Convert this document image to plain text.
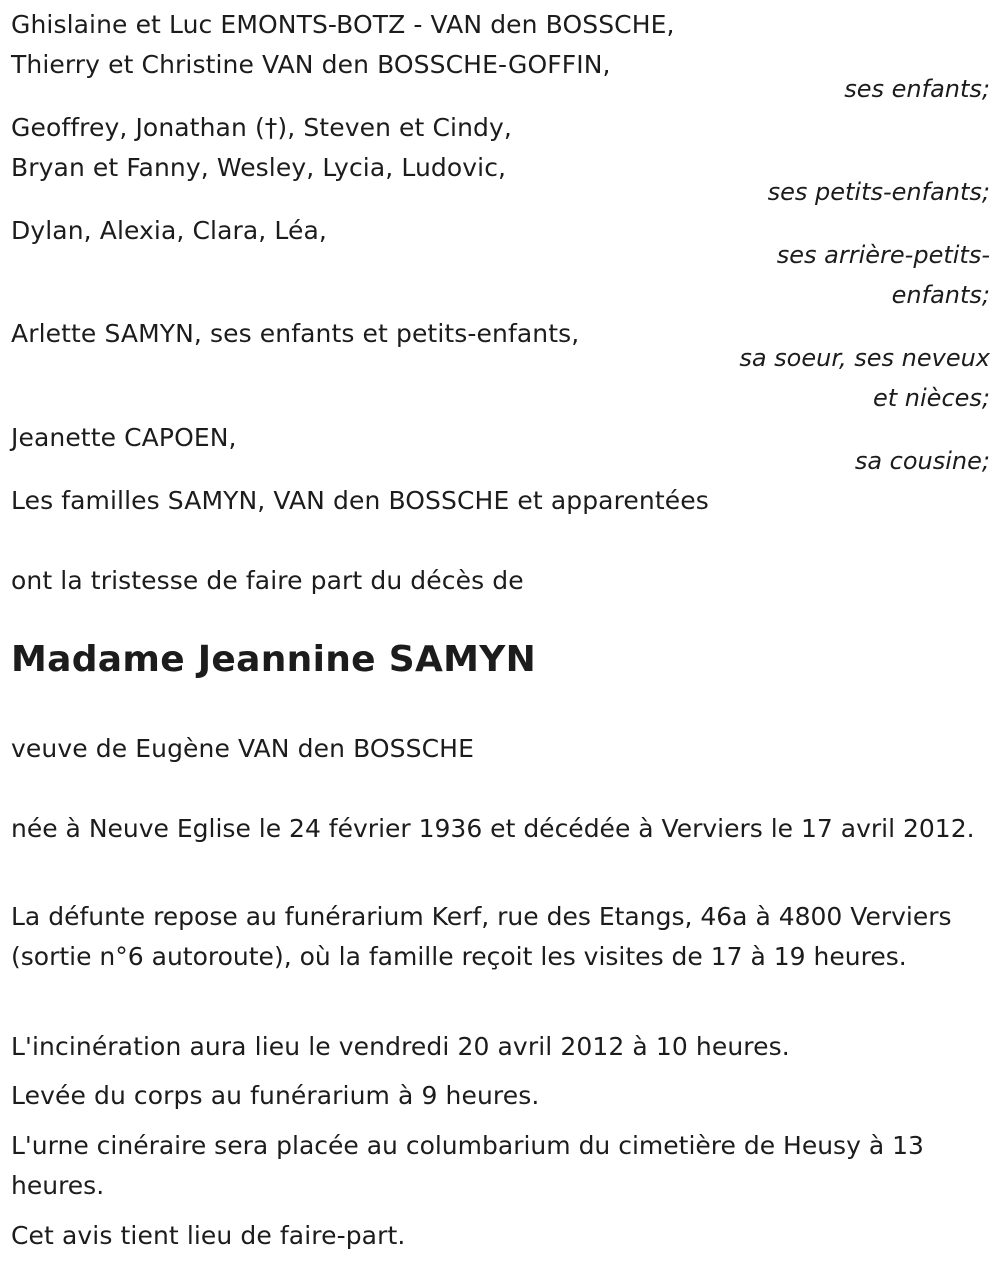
Ghislaine et Luc EMONTS-BOTZ - VAN den BOSSCHE,
Thierry et Christine VAN den BOSSCHE-GOFFIN,
ses enfants;
Geoffrey, Jonathan (†), Steven et Cindy,
Bryan et Fanny, Wesley, Lycia, Ludovic,
ses petits-enfants;
Dylan, Alexia, Clara, Léa,
ses arrière-petits-
enfants;
Arlette SAMYN, ses enfants et petits-enfants,
sa soeur, ses neveux
et nièces;
Jeanette CAPOEN,
sa cousine;
Les familles SAMYN, VAN den BOSSCHE et apparentées
ont la tristesse de faire part du décès de
Madame Jeannine SAMYN
veuve de Eugène VAN den BOSSCHE
née à Neuve Eglise le 24 février 1936 et décédée à Verviers le 17 avril 2012.
La défunte repose au funérarium Kerf, rue des Etangs, 46a à 4800 Verviers (sortie n°6 autoroute), où la famille reçoit les visites de 17 à 19 heures.
L'incinération aura lieu le vendredi 20 avril 2012 à 10 heures.
Levée du corps au funérarium à 9 heures.
L'urne cinéraire sera placée au columbarium du cimetière de Heusy à 13 heures.
Cet avis tient lieu de faire-part.
